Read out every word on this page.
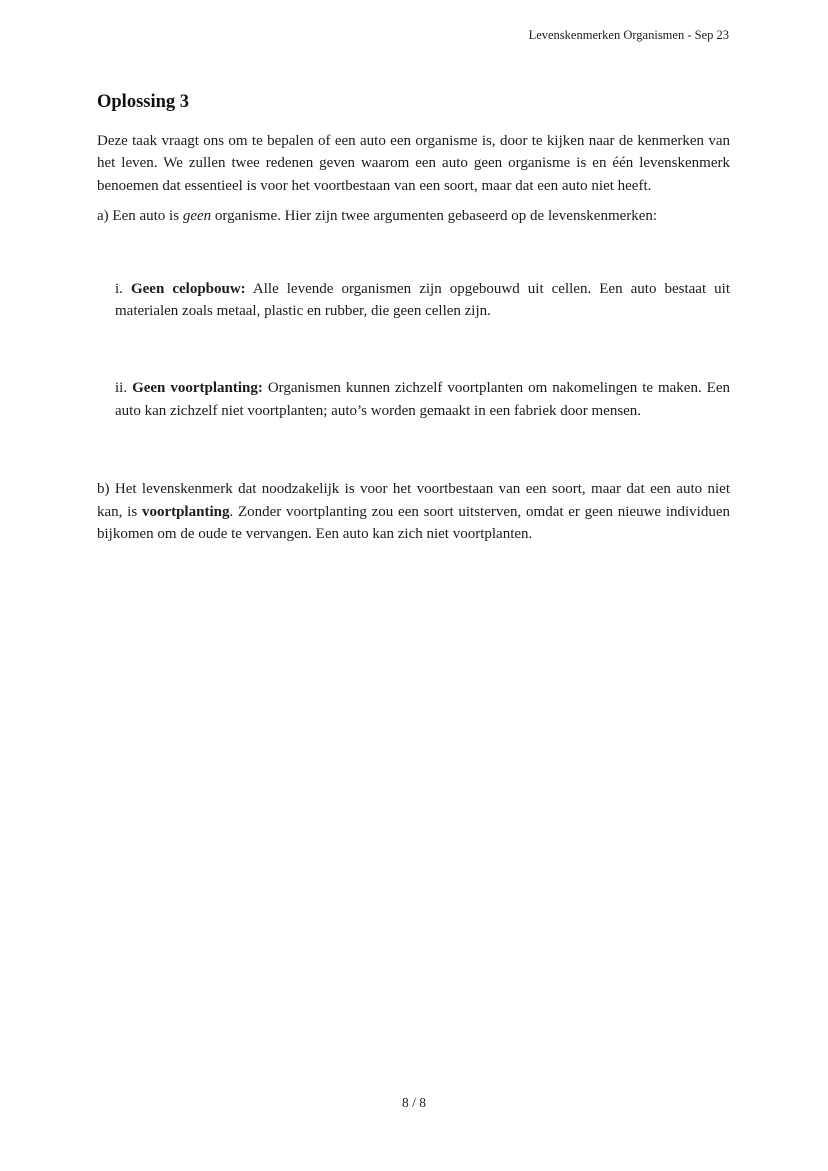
Levenskenmerken Organismen - Sep 23
Oplossing 3

Deze taak vraagt ons om te bepalen of een auto een organisme is, door te kijken naar de kenmerken van het leven. We zullen twee redenen geven waarom een auto geen organisme is en één levenskenmerk benoemen dat essentieel is voor het voortbestaan van een soort, maar dat een auto niet heeft.

a) Een auto is geen organisme. Hier zijn twee argumenten gebaseerd op de levenskenmerken:

i. Geen celopbouw: Alle levende organismen zijn opgebouwd uit cellen. Een auto bestaat uit materialen zoals metaal, plastic en rubber, die geen cellen zijn.
ii. Geen voortplanting: Organismen kunnen zichzelf voortplanten om nakomelingen te maken. Een auto kan zichzelf niet voortplanten; auto’s worden gemaakt in een fabriek door mensen.

b) Het levenskenmerk dat noodzakelijk is voor het voortbestaan van een soort, maar dat een auto niet kan, is voortplanting. Zonder voortplanting zou een soort uitsterven, omdat er geen nieuwe individuen bijkomen om de oude te vervangen. Een auto kan zich niet voortplanten.

8 / 8
